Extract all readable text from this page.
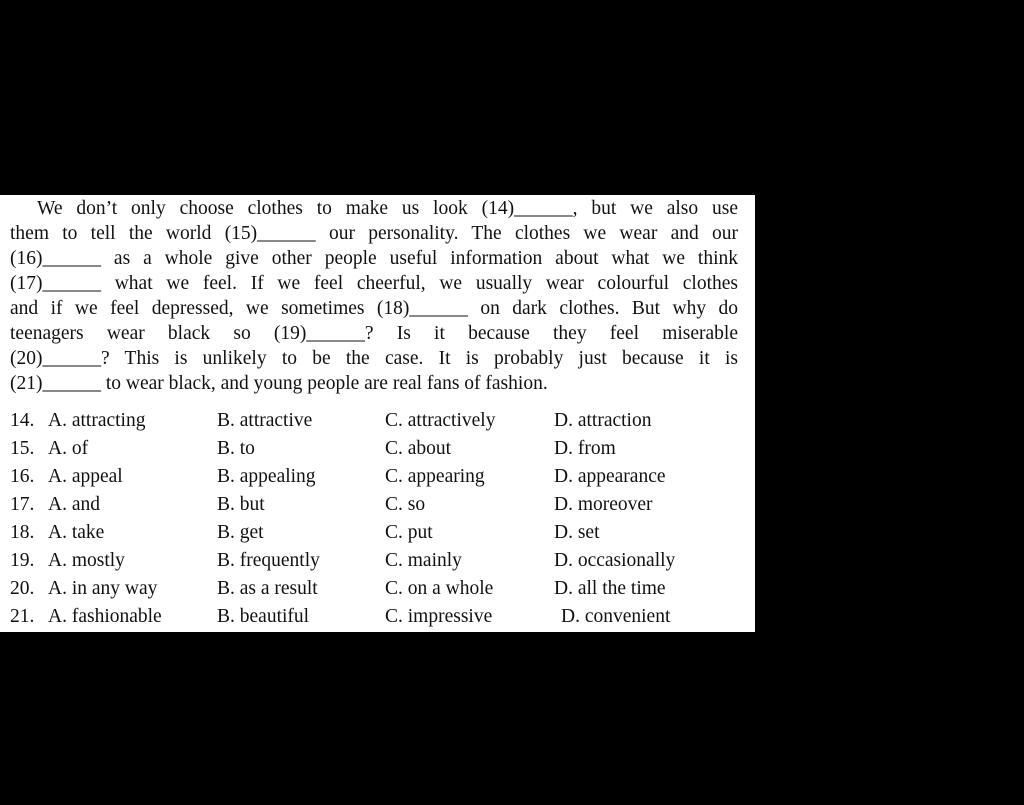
We don’t only choose clothes to make us look (14)______, but we also use
them to tell the world (15)______ our personality. The clothes we wear and our
(16)______ as a whole give other people useful information about what we think
(17)______ what we feel. If we feel cheerful, we usually wear colourful clothes
and if we feel depressed, we sometimes (18)______ on dark clothes. But why do
teenagers wear black so (19)______? Is it because they feel miserable
(20)______? This is unlikely to be the case. It is probably just because it is
(21)______ to wear black, and young people are real fans of fashion.
14. A. attracting	B. attractive	C. attractively	D. attraction
15. A. of	B. to	C. about	D. from
16. A. appeal	B. appealing	C. appearing	D. appearance
17. A. and	B. but	C. so	D. moreover
18. A. take	B. get	C. put	D. set
19. A. mostly	B. frequently	C. mainly	D. occasionally
20. A. in any way	B. as a result	C. on a whole	D. all the time
21. A. fashionable	B. beautiful	C. impressive	D. convenient
